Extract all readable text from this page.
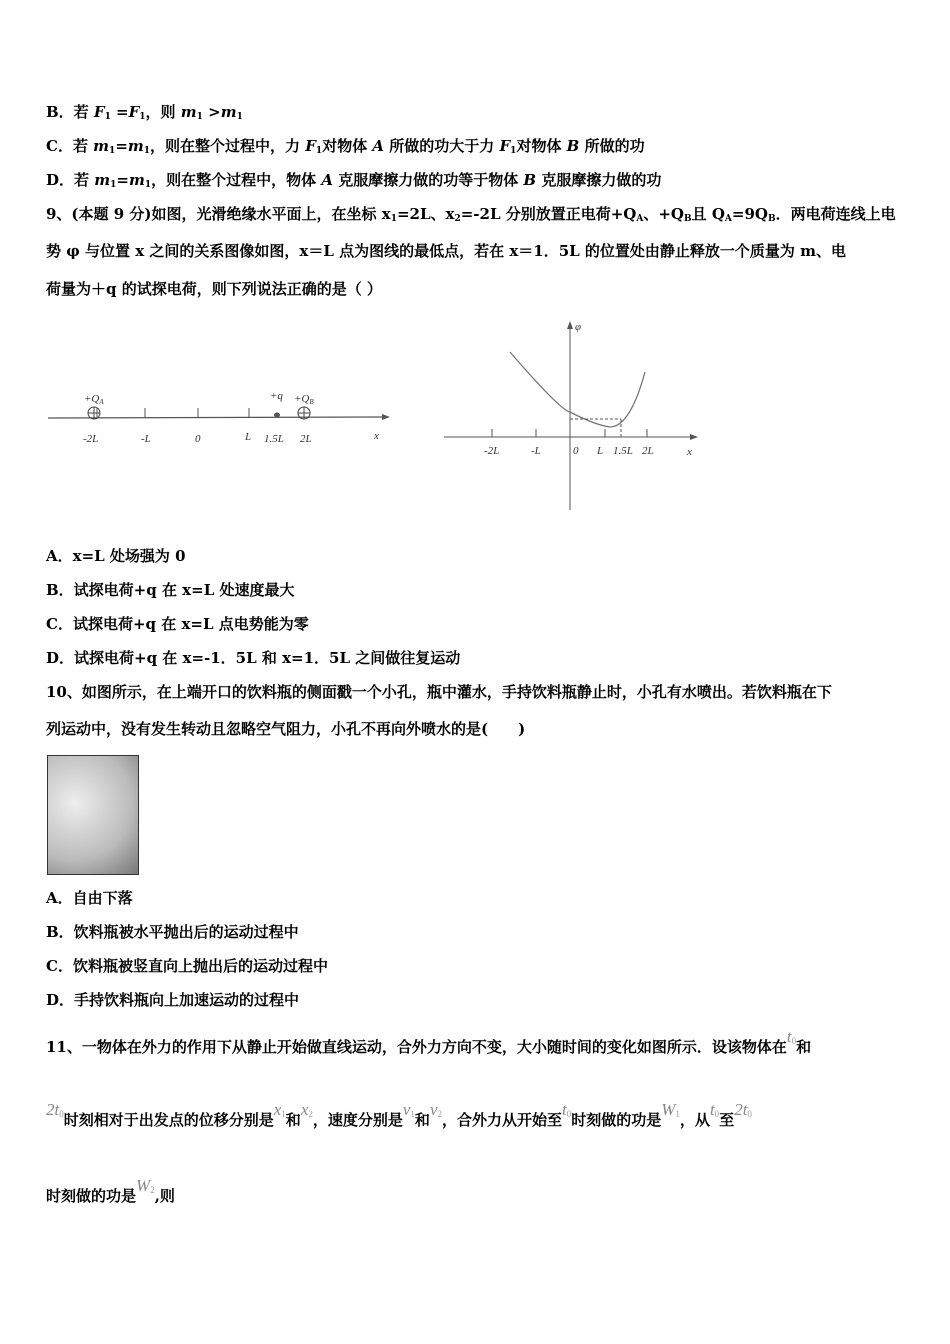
B．若 $F_1 =F_1$，则 $m_1 >m_1$
C．若 $m_1=m_1$，则在整个过程中，力 $F_1$对物体 A 所做的功大于力 $F_1$对物体 B 所做的功
D．若 $m_1=m_1$，则在整个过程中，物体 A 克服摩擦力做的功等于物体 B 克服摩擦力做的功
9、(本题 9 分)如图，光滑绝缘水平面上，在坐标 $x_1=2L$、$x_2=-2L$ 分别放置正电荷$+Q_A$、$+Q_B$且 $Q_A=9Q_B$．两电荷连线上电
势 φ 与位置 x 之间的关系图像如图，x＝L 点为图线的最低点，若在 x＝1．5L 的位置处由静止释放一个质量为 m、电
荷量为＋q 的试探电荷，则下列说法正确的是（ ）
+QA	+QB
+q
-2L	-L	0	L 1.5L 2L	x
-2L	-L	0 L 1.5L 2L	x
φ
A．x=L 处场强为 0
B．试探电荷+q 在 x=L 处速度最大
C．试探电荷+q 在 x=L 点电势能为零
D．试探电荷+q 在 x=-1．5L 和 x=1．5L 之间做往复运动
10、如图所示，在上端开口的饮料瓶的侧面戳一个小孔，瓶中灌水，手持饮料瓶静止时，小孔有水喷出。若饮料瓶在下
列运动中，没有发生转动且忽略空气阻力，小孔不再向外喷水的是(　　)
A．自由下落
B．饮料瓶被水平抛出后的运动过程中
C．饮料瓶被竖直向上抛出后的运动过程中
D．手持饮料瓶向上加速运动的过程中
11、一物体在外力的作用下从静止开始做直线运动，合外力方向不变，大小随时间的变化如图所示．设该物体在$t_0$和
$2t_0$时刻相对于出发点的位移分别是$x_1$和$x_2$，速度分别是$v_1$和$v_2$，合外力从开始至$t_0$时刻做的功是$W_1$，从$t_0$至$2t_0$
时刻做的功是$W_2$,则
